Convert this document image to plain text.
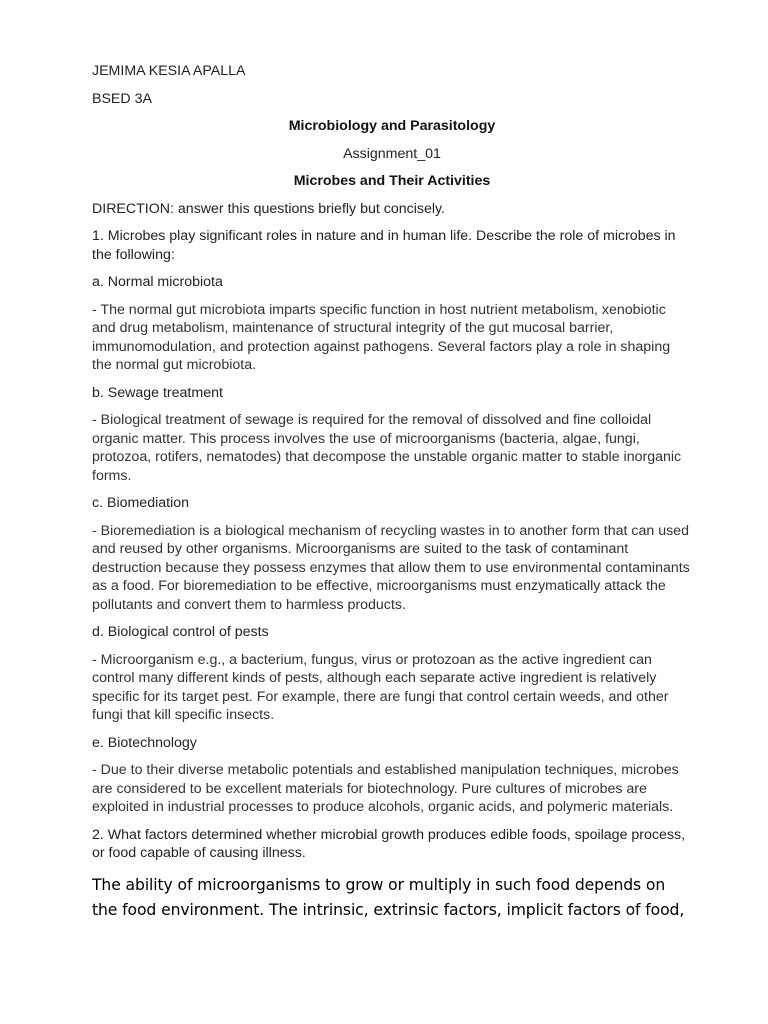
JEMIMA KESIA APALLA

BSED 3A

Microbiology and Parasitology

Assignment_01

Microbes and Their Activities

DIRECTION: answer this questions briefly but concisely.

1. Microbes play significant roles in nature and in human life. Describe the role of microbes in the following:

a. Normal microbiota

- The normal gut microbiota imparts specific function in host nutrient metabolism, xenobiotic and drug metabolism, maintenance of structural integrity of the gut mucosal barrier, immunomodulation, and protection against pathogens. Several factors play a role in shaping the normal gut microbiota.

b. Sewage treatment

- Biological treatment of sewage is required for the removal of dissolved and fine colloidal organic matter. This process involves the use of microorganisms (bacteria, algae, fungi, protozoa, rotifers, nematodes) that decompose the unstable organic matter to stable inorganic forms.

c. Biomediation

- Bioremediation is a biological mechanism of recycling wastes in to another form that can used and reused by other organisms. Microorganisms are suited to the task of contaminant destruction because they possess enzymes that allow them to use environmental contaminants as a food. For bioremediation to be effective, microorganisms must enzymatically attack the pollutants and convert them to harmless products.

d. Biological control of pests

- Microorganism e.g., a bacterium, fungus, virus or protozoan as the active ingredient can control many different kinds of pests, although each separate active ingredient is relatively specific for its target pest. For example, there are fungi that control certain weeds, and other fungi that kill specific insects.

e. Biotechnology

- Due to their diverse metabolic potentials and established manipulation techniques, microbes are considered to be excellent materials for biotechnology. Pure cultures of microbes are exploited in industrial processes to produce alcohols, organic acids, and polymeric materials.

2. What factors determined whether microbial growth produces edible foods, spoilage process, or food capable of causing illness.

The ability of microorganisms to grow or multiply in such food depends on the food environment. The intrinsic, extrinsic factors, implicit factors of food,
